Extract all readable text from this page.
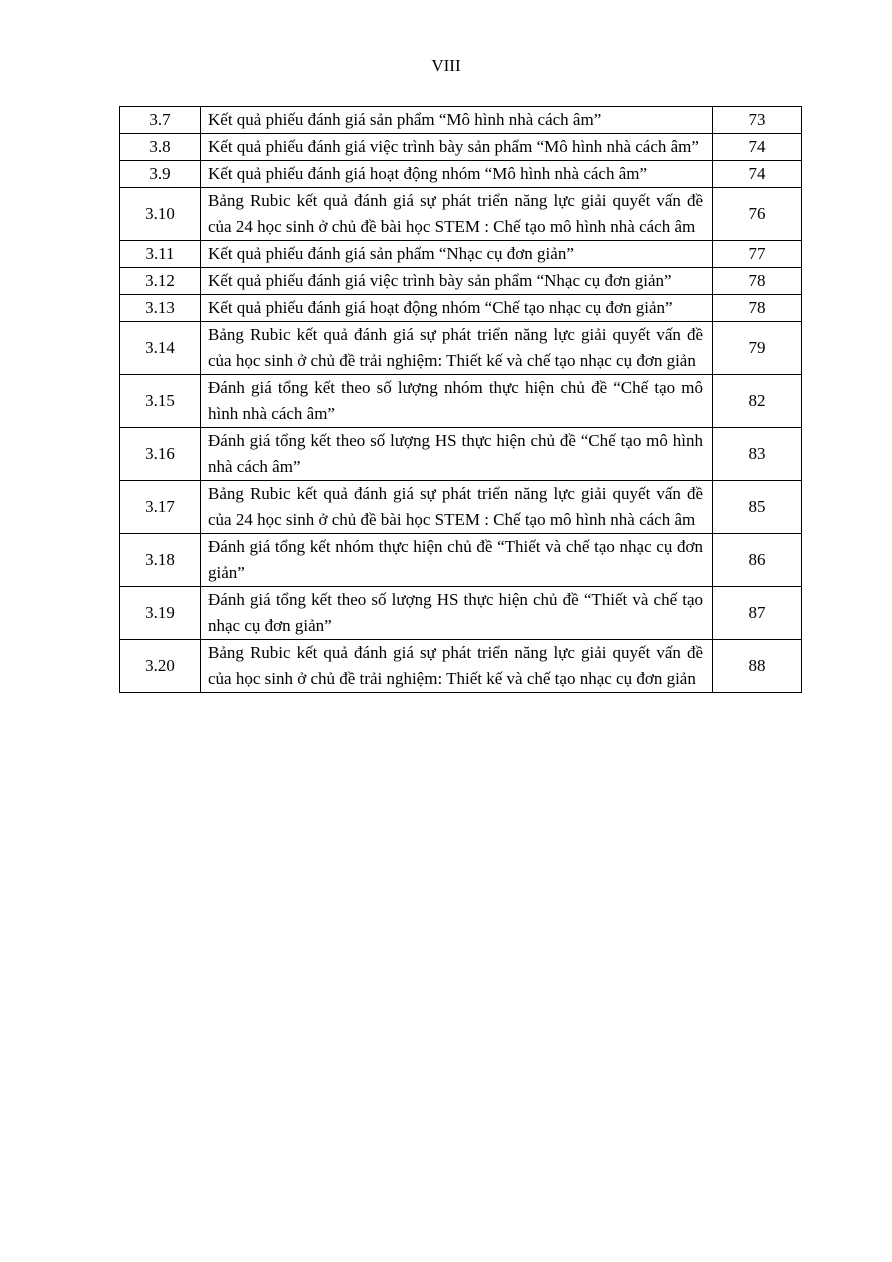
VIII
3.7	Kết quả phiếu đánh giá sản phẩm “Mô hình nhà cách âm”	73
3.8	Kết quả phiếu đánh giá việc trình bày sản phẩm “Mô hình nhà cách âm”	74
3.9	Kết quả phiếu đánh giá hoạt động nhóm “Mô hình nhà cách âm”	74
3.10	Bảng Rubic kết quả đánh giá sự phát triển năng lực giải quyết vấn đề của 24 học sinh ở chủ đề bài học STEM : Chế tạo mô hình nhà cách âm	76
3.11	Kết quả phiếu đánh giá sản phẩm “Nhạc cụ đơn giản”	77
3.12	Kết quả phiếu đánh giá việc trình bày sản phẩm “Nhạc cụ đơn giản”	78
3.13	Kết quả phiếu đánh giá hoạt động nhóm “Chế tạo nhạc cụ đơn giản”	78
3.14	Bảng Rubic kết quả đánh giá sự phát triển năng lực giải quyết vấn đề của học sinh ở chủ đề trải nghiệm: Thiết kế và chế tạo nhạc cụ đơn giản	79
3.15	Đánh giá tổng kết theo số lượng nhóm thực hiện chủ đề “Chế tạo mô hình nhà cách âm”	82
3.16	Đánh giá tổng kết theo số lượng HS thực hiện chủ đề “Chế tạo mô hình nhà cách âm”	83
3.17	Bảng Rubic kết quả đánh giá sự phát triển năng lực giải quyết vấn đề của 24 học sinh ở chủ đề bài học STEM : Chế tạo mô hình nhà cách âm	85
3.18	Đánh giá tổng kết nhóm thực hiện chủ đề “Thiết và chế tạo nhạc cụ đơn giản”	86
3.19	Đánh giá tổng kết theo số lượng HS thực hiện chủ đề “Thiết và chế tạo nhạc cụ đơn giản”	87
3.20	Bảng Rubic kết quả đánh giá sự phát triển năng lực giải quyết vấn đề của học sinh ở chủ đề trải nghiệm: Thiết kế và chế tạo nhạc cụ đơn giản	88
